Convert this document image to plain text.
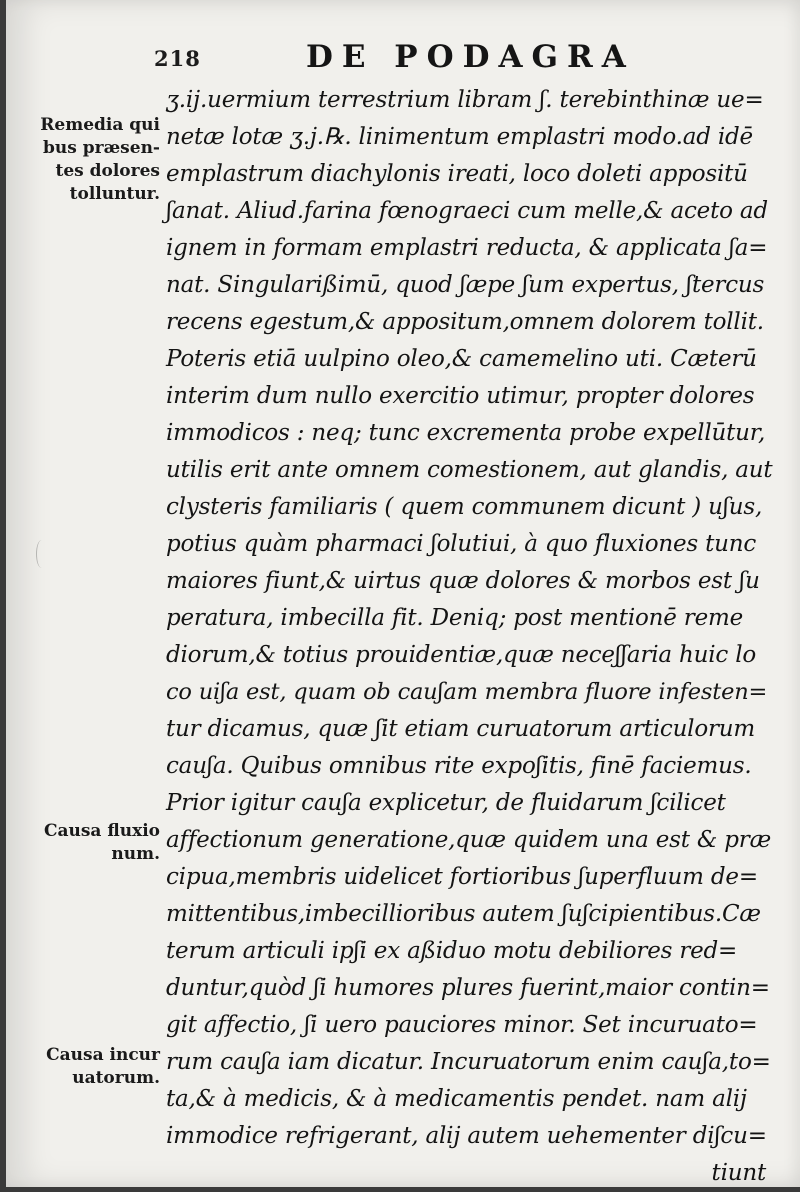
218	DE PODAGRA
Remedia qui
bus præsen-
tes dolores
tolluntur.
Causa fluxio
num.
Causa incur
uatorum.
ʒ.ij.uermium terrestrium libram ʃ. terebinthinæ ue=
netæ lotæ ʒ.j.℞. linimentum emplastri modo.ad idē
emplastrum diachylonis ireati, loco doleti appositū
ʃanat. Aliud.farina fœnograeci cum melle,& aceto ad
ignem in formam emplastri reducta, & applicata ʃa=
nat. Singularißimū, quod ʃæpe ʃum expertus, ʃtercus
recens egestum,& appositum,omnem dolorem tollit.
Poteris etiā uulpino oleo,& camemelino uti. Cæterū
interim dum nullo exercitio utimur, propter dolores
immodicos : neq; tunc excrementa probe expellūtur,
utilis erit ante omnem comestionem, aut glandis, aut
clysteris familiaris ( quem communem dicunt ) uʃus,
potius quàm pharmaci ʃolutiui, à quo fluxiones tunc
maiores fiunt,& uirtus quæ dolores & morbos est ʃu
peratura, imbecilla fit. Deniq; post mentionē reme
diorum,& totius prouidentiæ,quæ neceʃʃaria huic lo
co uiʃa est, quam ob cauʃam membra fluore infesten=
tur dicamus, quæ ʃit etiam curuatorum articulorum
cauʃa. Quibus omnibus rite expoʃitis, finē faciemus.
Prior igitur cauʃa explicetur, de fluidarum ʃcilicet
affectionum generatione,quæ quidem una est & præ
cipua,membris uidelicet fortioribus ʃuperfluum de=
mittentibus,imbecillioribus autem ʃuʃcipientibus.Cæ
terum articuli ipʃi ex aßiduo motu debiliores red=
duntur,quòd ʃi humores plures fuerint,maior contin=
git affectio, ʃi uero pauciores minor. Set incuruato=
rum cauʃa iam dicatur. Incuruatorum enim cauʃa,to=
ta,& à medicis, & à medicamentis pendet. nam alij
immodice refrigerant, alij autem uehementer diʃcu=
tiunt
